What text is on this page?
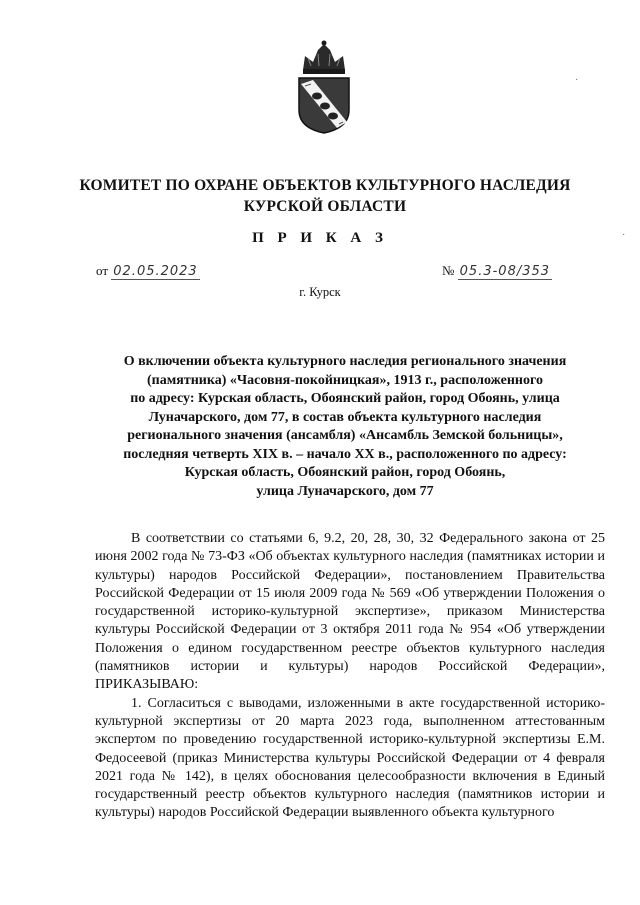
·
·
КОМИТЕТ ПО ОХРАНЕ ОБЪЕКТОВ КУЛЬТУРНОГО НАСЛЕДИЯ
КУРСКОЙ ОБЛАСТИ
П Р И К А З
от 02.05.2023	№ 05.3-08/353
г. Курск
О включении объекта культурного наследия регионального значения
(памятника) «Часовня-покойницкая», 1913 г., расположенного
по адресу: Курская область, Обоянский район, город Обоянь, улица
Луначарского, дом 77, в состав объекта культурного наследия
регионального значения (ансамбля) «Ансамбль Земской больницы»,
последняя четверть XIX в. – начало XX в., расположенного по адресу:
Курская область, Обоянский район, город Обоянь,
улица Луначарского, дом 77

В соответствии со статьями 6, 9.2, 20, 28, 30, 32 Федерального закона от 25 июня 2002 года № 73-ФЗ «Об объектах культурного наследия (памятниках истории и культуры) народов Российской Федерации», постановлением Правительства Российской Федерации от 15 июля 2009 года № 569 «Об утверждении Положения о государственной историко-культурной экспертизе», приказом Министерства культуры Российской Федерации от 3 октября 2011 года № 954 «Об утверждении Положения о едином государственном реестре объектов культурного наследия (памятников истории и культуры) народов Российской Федерации», ПРИКАЗЫВАЮ:

1. Согласиться с выводами, изложенными в акте государственной историко-культурной экспертизы от 20 марта 2023 года, выполненном аттестованным экспертом по проведению государственной историко-культурной экспертизы Е.М. Федосеевой (приказ Министерства культуры Российской Федерации от 4 февраля 2021 года № 142), в целях обоснования целесообразности включения в Единый государственный реестр объектов культурного наследия (памятников истории и культуры) народов Российской Федерации выявленного объекта культурного
